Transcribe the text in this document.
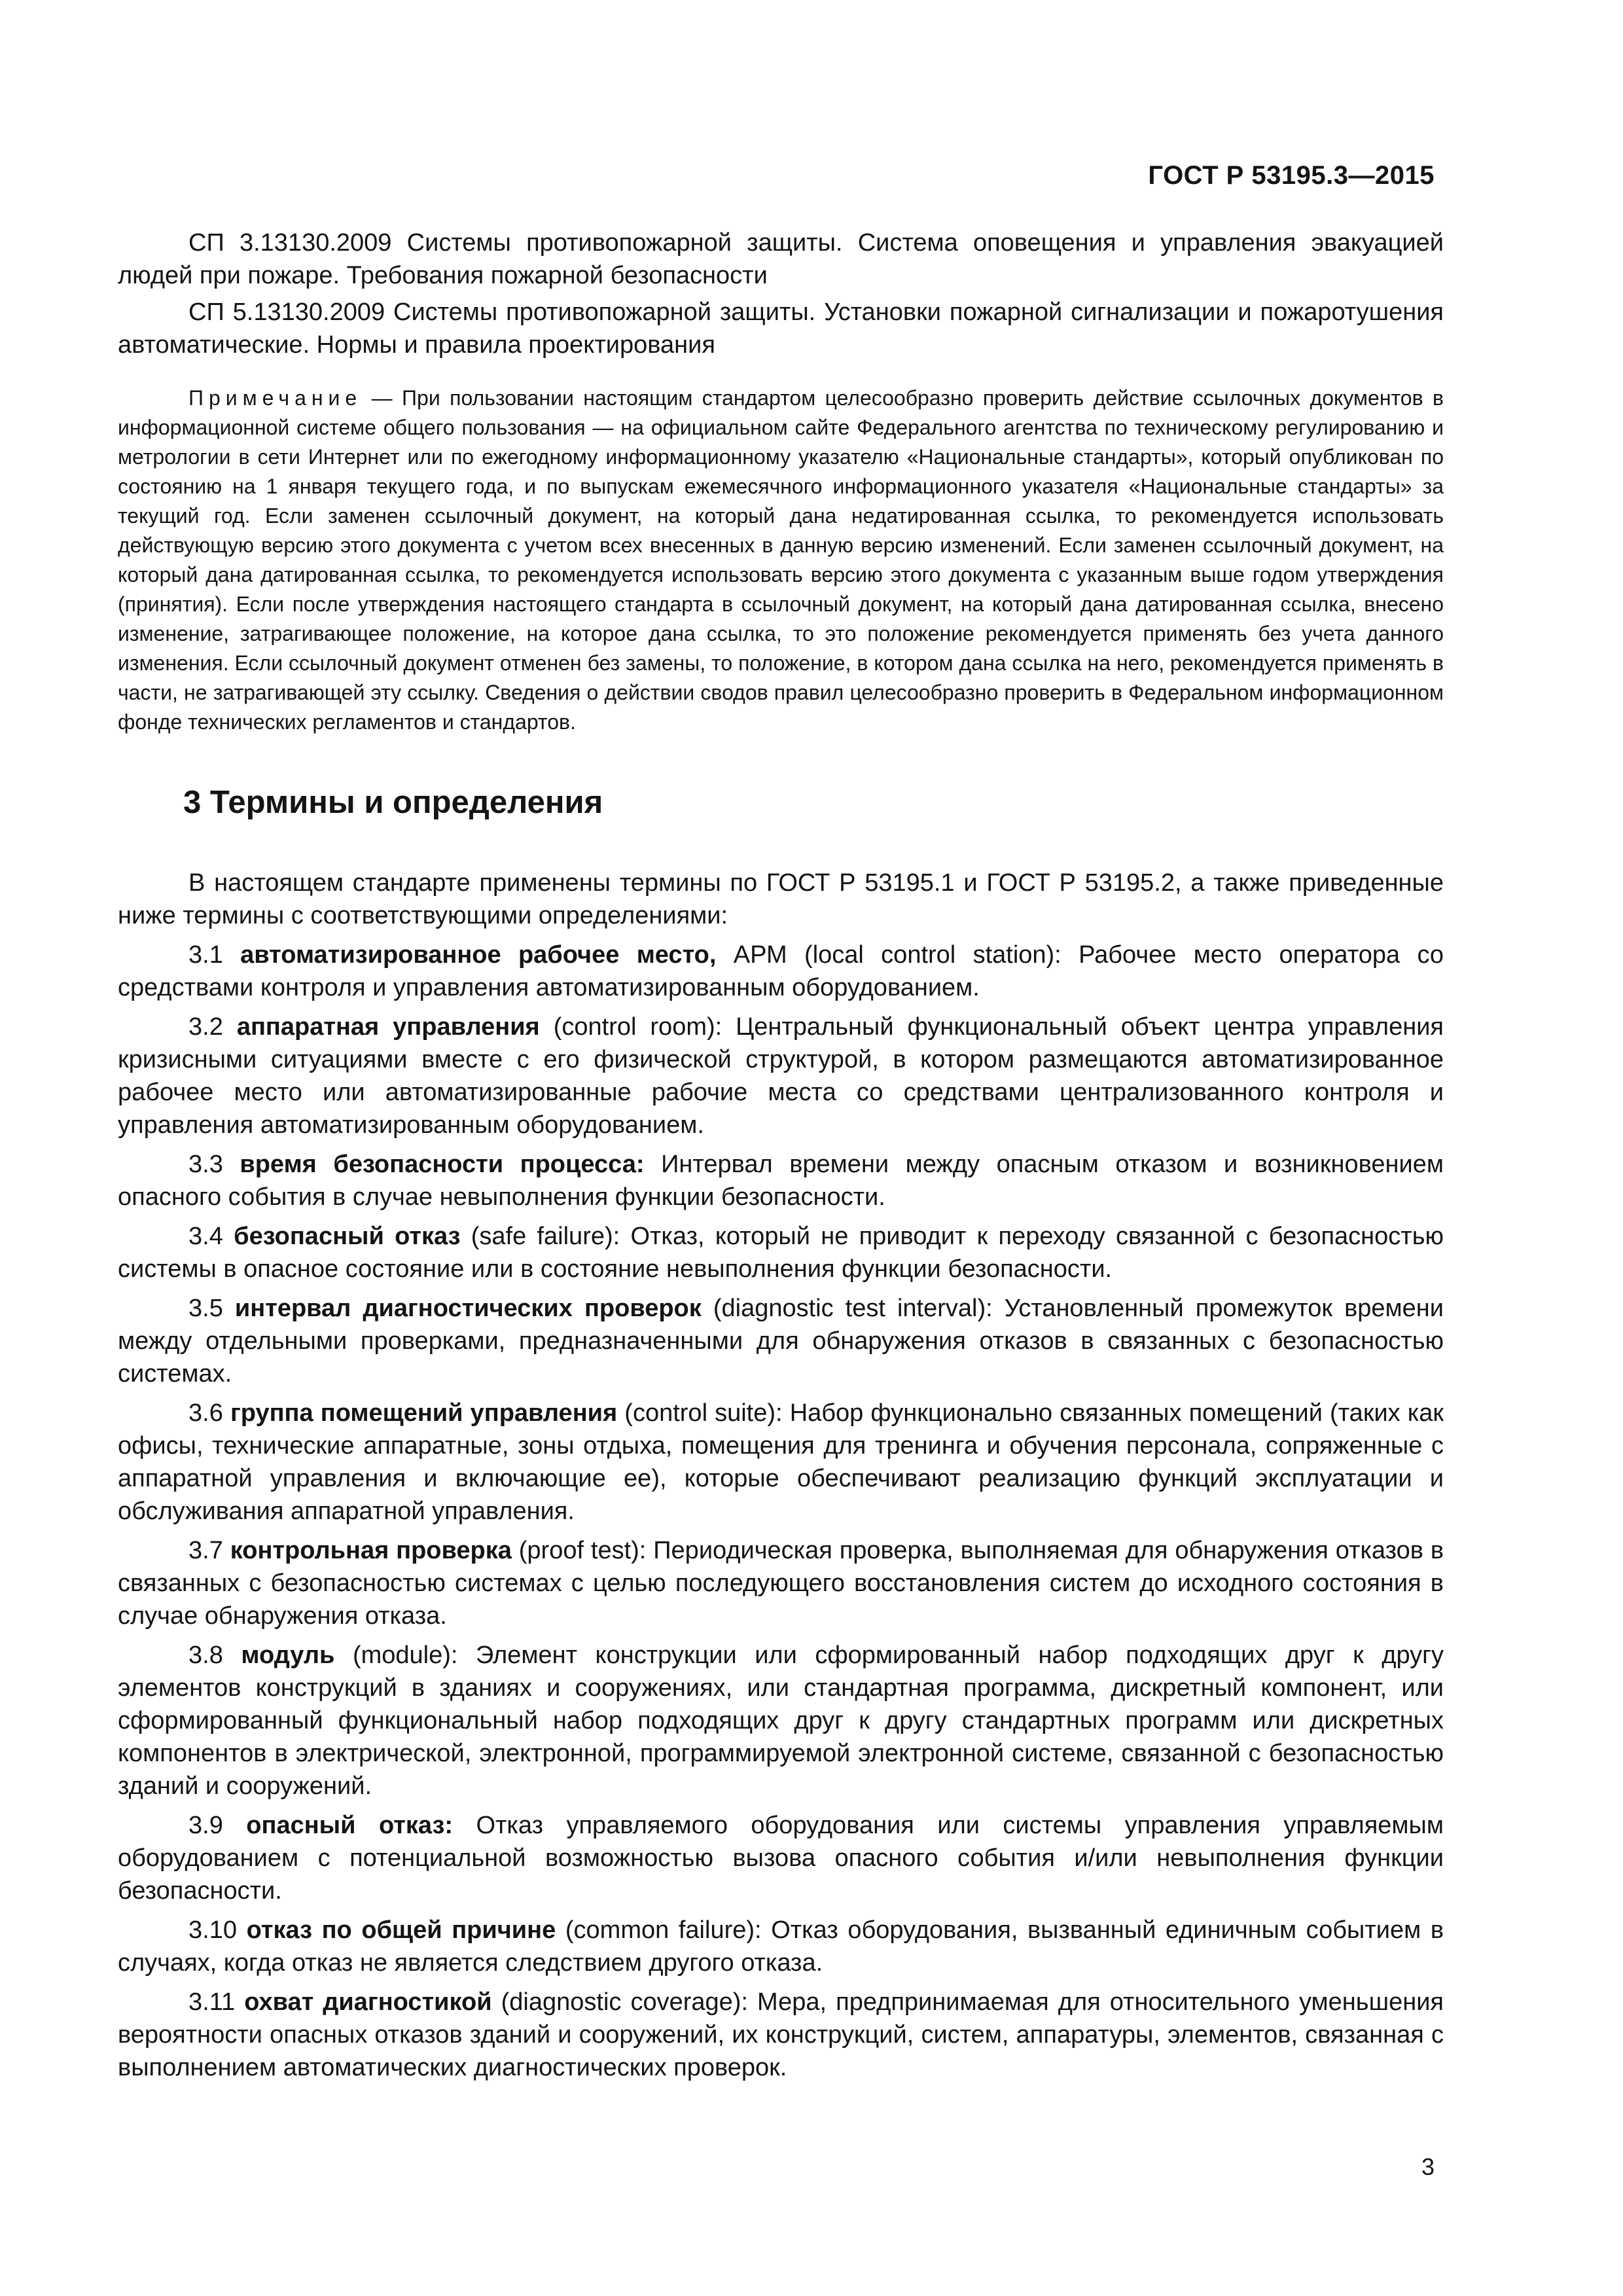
ГОСТ Р 53195.3—2015

СП 3.13130.2009 Системы противопожарной защиты. Система оповещения и управления эвакуацией людей при пожаре. Требования пожарной безопасности

СП 5.13130.2009 Системы противопожарной защиты. Установки пожарной сигнализации и пожаротушения автоматические. Нормы и правила проектирования

Примечание — При пользовании настоящим стандартом целесообразно проверить действие ссылочных документов в информационной системе общего пользования — на официальном сайте Федерального агентства по техническому регулированию и метрологии в сети Интернет или по ежегодному информационному указателю «Национальные стандарты», который опубликован по состоянию на 1 января текущего года, и по выпускам ежемесячного информационного указателя «Национальные стандарты» за текущий год. Если заменен ссылочный документ, на который дана недатированная ссылка, то рекомендуется использовать действующую версию этого документа с учетом всех внесенных в данную версию изменений. Если заменен ссылочный документ, на который дана датированная ссылка, то рекомендуется использовать версию этого документа с указанным выше годом утверждения (принятия). Если после утверждения настоящего стандарта в ссылочный документ, на который дана датированная ссылка, внесено изменение, затрагивающее положение, на которое дана ссылка, то это положение рекомендуется применять без учета данного изменения. Если ссылочный документ отменен без замены, то положение, в котором дана ссылка на него, рекомендуется применять в части, не затрагивающей эту ссылку. Сведения о действии сводов правил целесообразно проверить в Федеральном информационном фонде технических регламентов и стандартов.

3 Термины и определения

В настоящем стандарте применены термины по ГОСТ Р 53195.1 и ГОСТ Р 53195.2, а также приведенные ниже термины с соответствующими определениями:

3.1 автоматизированное рабочее место, АРМ (local control station): Рабочее место оператора со средствами контроля и управления автоматизированным оборудованием.

3.2 аппаратная управления (control room): Центральный функциональный объект центра управления кризисными ситуациями вместе с его физической структурой, в котором размещаются автоматизированное рабочее место или автоматизированные рабочие места со средствами централизованного контроля и управления автоматизированным оборудованием.

3.3 время безопасности процесса: Интервал времени между опасным отказом и возникновением опасного события в случае невыполнения функции безопасности.

3.4 безопасный отказ (safe failure): Отказ, который не приводит к переходу связанной с безопасностью системы в опасное состояние или в состояние невыполнения функции безопасности.

3.5 интервал диагностических проверок (diagnostic test interval): Установленный промежуток времени между отдельными проверками, предназначенными для обнаружения отказов в связанных с безопасностью системах.

3.6 группа помещений управления (control suite): Набор функционально связанных помещений (таких как офисы, технические аппаратные, зоны отдыха, помещения для тренинга и обучения персонала, сопряженные с аппаратной управления и включающие ее), которые обеспечивают реализацию функций эксплуатации и обслуживания аппаратной управления.

3.7 контрольная проверка (proof test): Периодическая проверка, выполняемая для обнаружения отказов в связанных с безопасностью системах с целью последующего восстановления систем до исходного состояния в случае обнаружения отказа.

3.8 модуль (module): Элемент конструкции или сформированный набор подходящих друг к другу элементов конструкций в зданиях и сооружениях, или стандартная программа, дискретный компонент, или сформированный функциональный набор подходящих друг к другу стандартных программ или дискретных компонентов в электрической, электронной, программируемой электронной системе, связанной с безопасностью зданий и сооружений.

3.9 опасный отказ: Отказ управляемого оборудования или системы управления управляемым оборудованием с потенциальной возможностью вызова опасного события и/или невыполнения функции безопасности.

3.10 отказ по общей причине (common failure): Отказ оборудования, вызванный единичным событием в случаях, когда отказ не является следствием другого отказа.

3.11 охват диагностикой (diagnostic coverage): Мера, предпринимаемая для относительного уменьшения вероятности опасных отказов зданий и сооружений, их конструкций, систем, аппаратуры, элементов, связанная с выполнением автоматических диагностических проверок.

3
